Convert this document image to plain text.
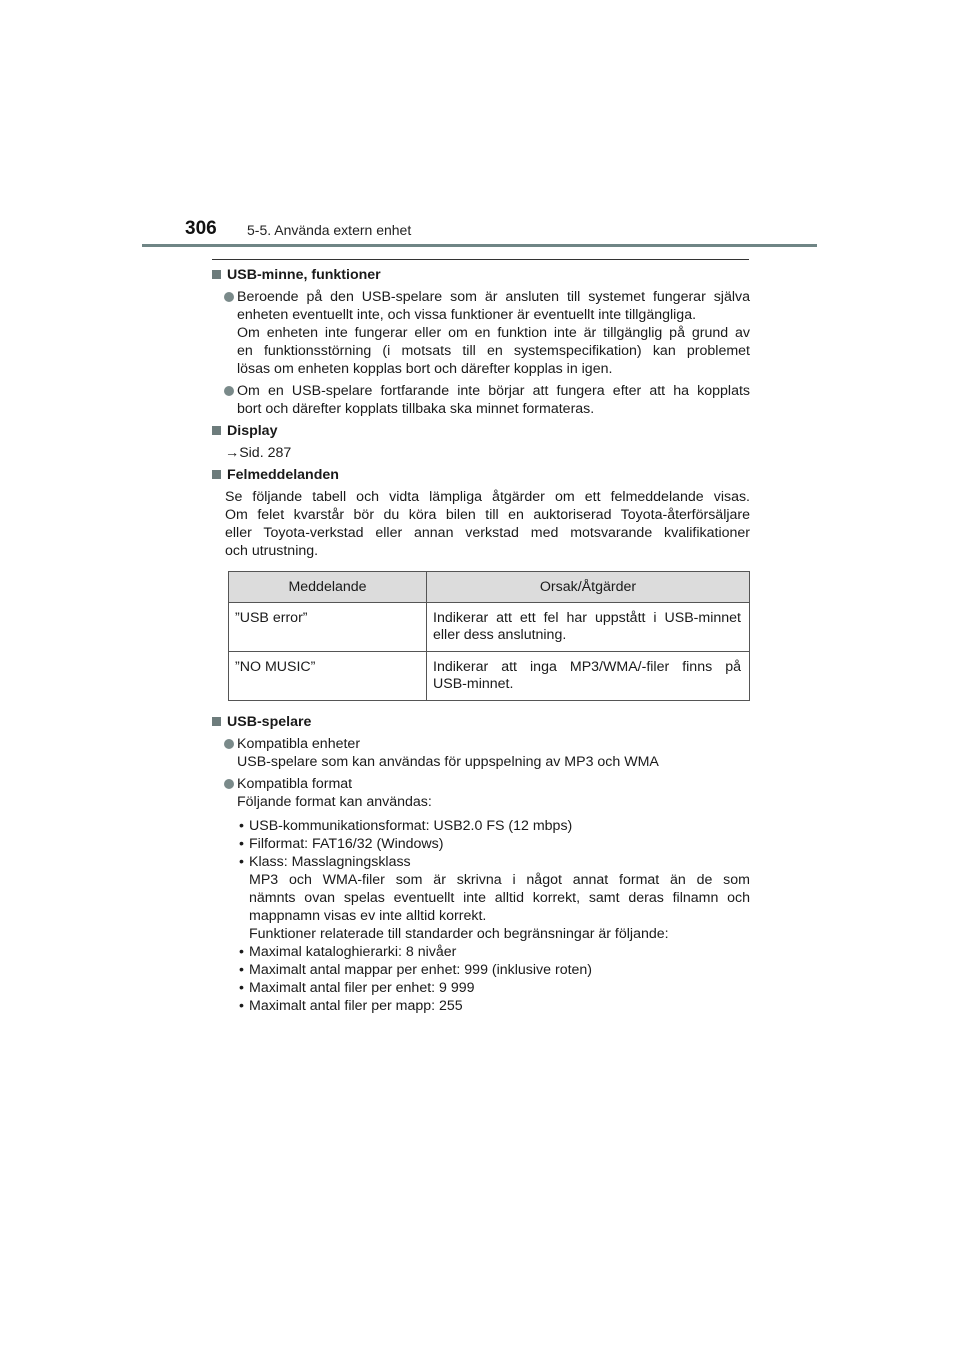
306 5-5. Använda extern enhet
USB-minne, funktioner
Beroende på den USB-spelare som är ansluten till systemet fungerar själva
enheten eventuellt inte, och vissa funktioner är eventuellt inte tillgängliga.
Om enheten inte fungerar eller om en funktion inte är tillgänglig på grund av
en funktionsstörning (i motsats till en systemspecifikation) kan problemet
lösas om enheten kopplas bort och därefter kopplas in igen.
Om en USB-spelare fortfarande inte börjar att fungera efter att ha kopplats
bort och därefter kopplats tillbaka ska minnet formateras.
Display
→Sid. 287
Felmeddelanden
Se följande tabell och vidta lämpliga åtgärder om ett felmeddelande visas.
Om felet kvarstår bör du köra bilen till en auktoriserad Toyota-återförsäljare
eller Toyota-verkstad eller annan verkstad med motsvarande kvalifikationer
och utrustning.
Meddelande	Orsak/Åtgärder
”USB error”	Indikerar att ett fel har uppstått i USB-minnet
eller dess anslutning.

”NO MUSIC”	Indikerar att inga MP3/WMA/-filer finns på
USB-minnet.
USB-spelare
Kompatibla enheter
USB-spelare som kan användas för uppspelning av MP3 och WMA
Kompatibla format
Följande format kan användas:
• USB-kommunikationsformat: USB2.0 FS (12 mbps)
• Filformat: FAT16/32 (Windows)
• Klass: Masslagningsklass
MP3 och WMA-filer som är skrivna i något annat format än de som
nämnts ovan spelas eventuellt inte alltid korrekt, samt deras filnamn och
mappnamn visas ev inte alltid korrekt.
Funktioner relaterade till standarder och begränsningar är följande:
• Maximal kataloghierarki: 8 nivåer
• Maximalt antal mappar per enhet: 999 (inklusive roten)
• Maximalt antal filer per enhet: 9 999
• Maximalt antal filer per mapp: 255
